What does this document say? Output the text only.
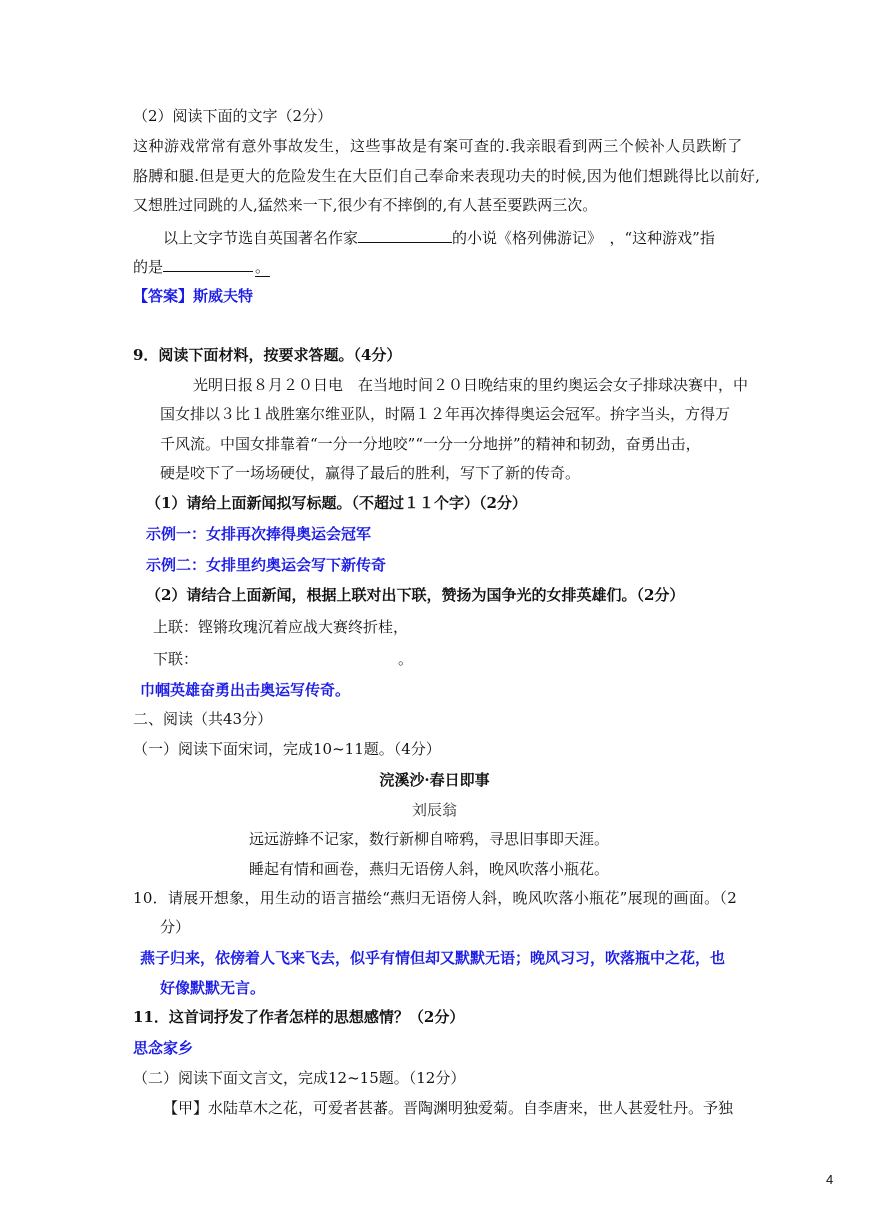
（2）阅读下面的文字（2分）
这种游戏常常有意外事故发生，这些事故是有案可查的.我亲眼看到两三个候补人员跌断了
胳膊和腿.但是更大的危险发生在大臣们自己奉命来表现功夫的时候,因为他们想跳得比以前好,
又想胜过同跳的人,猛然来一下,很少有不摔倒的,有人甚至要跌两三次。
以上文字节选自英国著名作家	的小说《格列佛游记》　，“这种游戏”指
的是	。
【答案】斯威夫特
9．阅读下面材料，按要求答题。（4分）
光明日报８月２０日电　在当地时间２０日晚结束的里约奥运会女子排球决赛中，中
国女排以３比１战胜塞尔维亚队，时隔１２年再次捧得奥运会冠军。拚字当头，方得万
千风流。中国女排靠着“一分一分地咬”“一分一分地拼”的精神和韧劲，奋勇出击，
硬是咬下了一场场硬仗，赢得了最后的胜利，写下了新的传奇。
（1）请给上面新闻拟写标题。（不超过１１个字）（2分）
示例一：女排再次捧得奥运会冠军
示例二：女排里约奥运会写下新传奇
（2）请结合上面新闻，根据上联对出下联，赞扬为国争光的女排英雄们。（2分）
上联：铿锵玫瑰沉着应战大赛终折桂，
下联：	。
巾帼英雄奋勇出击奥运写传奇。
二、阅读（共43分）
（一）阅读下面宋词，完成10~11题。（4分）
浣溪沙·春日即事
刘辰翁
远远游蜂不记家，数行新柳自啼鸦，寻思旧事即天涯。
睡起有情和画卷，燕归无语傍人斜，晚风吹落小瓶花。
10．请展开想象，用生动的语言描绘“燕归无语傍人斜，晚风吹落小瓶花”展现的画面。（2
分）
燕子归来，依傍着人飞来飞去，似乎有情但却又默默无语；晚风习习，吹落瓶中之花，也
好像默默无言。
11．这首词抒发了作者怎样的思想感情？（2分）
思念家乡
（二）阅读下面文言文，完成12~15题。（12分）
【甲】水陆草木之花，可爱者甚蕃。晋陶渊明独爱菊。自李唐来，世人甚爱牡丹。予独
4
